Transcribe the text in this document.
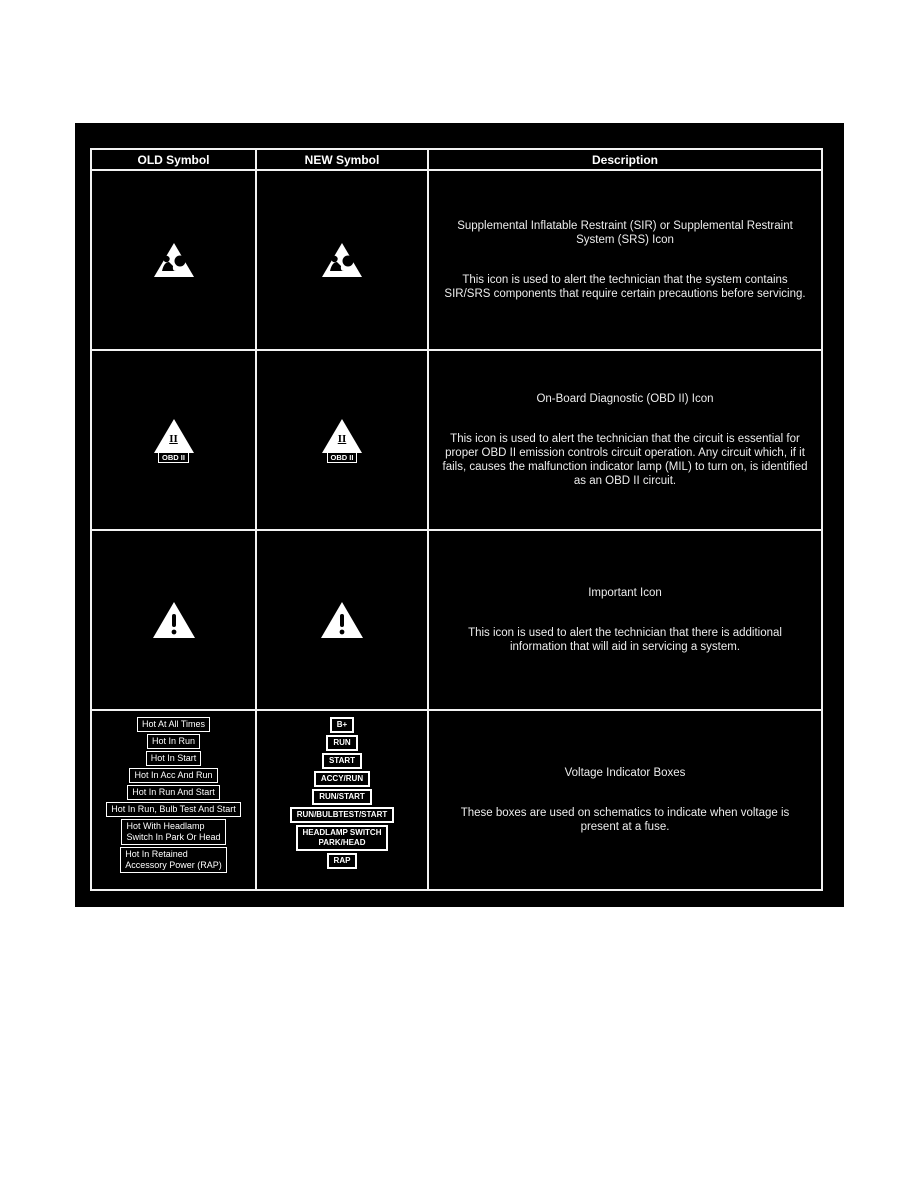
OLD Symbol	NEW Symbol	Description
Supplemental Inflatable Restraint (SIR) or Supplemental Restraint System (SRS) Icon
This icon is used to alert the technician that the system contains SIR/SRS components that require certain precautions before servicing.
II
OBD II
II
OBD II
On-Board Diagnostic (OBD II) Icon
This icon is used to alert the technician that the circuit is essential for proper OBD II emission controls circuit operation. Any circuit which, if it fails, causes the malfunction indicator lamp (MIL) to turn on, is identified as an OBD II circuit.
Important Icon
This icon is used to alert the technician that there is additional information that will aid in servicing a system.
Hot At All Times
Hot In Run
Hot In Start
Hot In Acc And Run
Hot In Run And Start
Hot In Run, Bulb Test And Start
Hot With Headlamp
Switch In Park Or Head
Hot In Retained
Accessory Power (RAP)
B+
RUN
START
ACCY/RUN
RUN/START
RUN/BULBTEST/START
HEADLAMP SWITCH
PARK/HEAD
RAP
Voltage Indicator Boxes
These boxes are used on schematics to indicate when voltage is present at a fuse.
